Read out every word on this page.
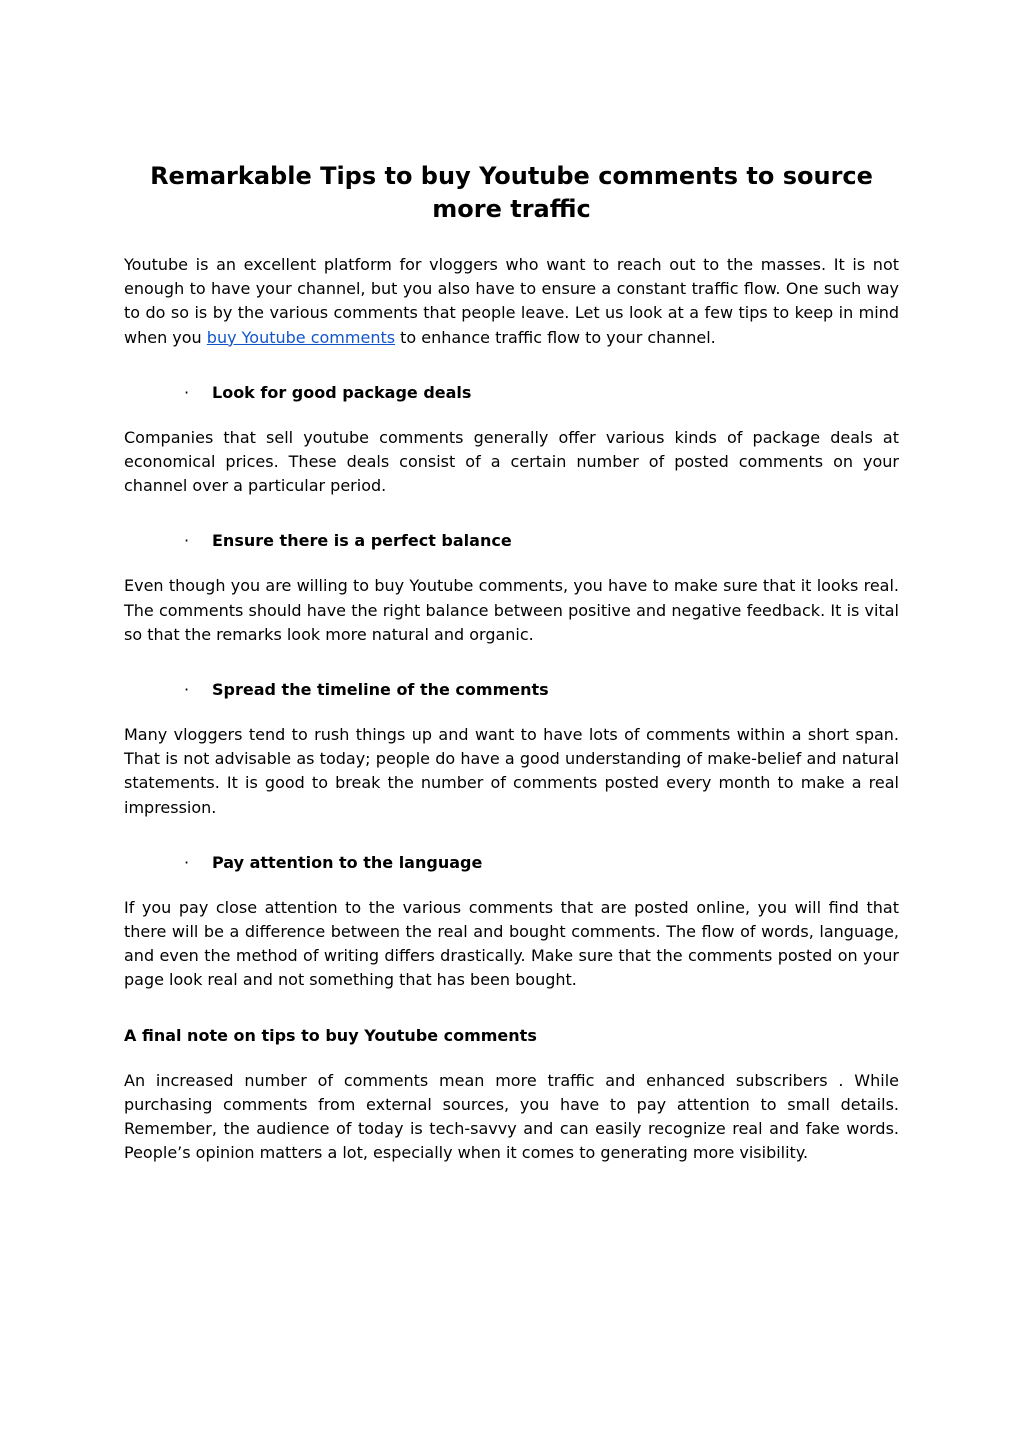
Remarkable Tips to buy Youtube comments to source more traffic

Youtube is an excellent platform for vloggers who want to reach out to the masses. It is not enough to have your channel, but you also have to ensure a constant traffic flow. One such way to do so is by the various comments that people leave. Let us look at a few tips to keep in mind when you buy Youtube comments to enhance traffic flow to your channel.

· Look for good package deals

Companies that sell youtube comments generally offer various kinds of package deals at economical prices. These deals consist of a certain number of posted comments on your channel over a particular period.

· Ensure there is a perfect balance

Even though you are willing to buy Youtube comments, you have to make sure that it looks real. The comments should have the right balance between positive and negative feedback. It is vital so that the remarks look more natural and organic.

· Spread the timeline of the comments

Many vloggers tend to rush things up and want to have lots of comments within a short span. That is not advisable as today; people do have a good understanding of make-belief and natural statements. It is good to break the number of comments posted every month to make a real impression.

· Pay attention to the language

If you pay close attention to the various comments that are posted online, you will find that there will be a difference between the real and bought comments. The flow of words, language, and even the method of writing differs drastically. Make sure that the comments posted on your page look real and not something that has been bought.

A final note on tips to buy Youtube comments

An increased number of comments mean more traffic and enhanced subscribers . While purchasing comments from external sources, you have to pay attention to small details. Remember, the audience of today is tech-savvy and can easily recognize real and fake words. People’s opinion matters a lot, especially when it comes to generating more visibility.
